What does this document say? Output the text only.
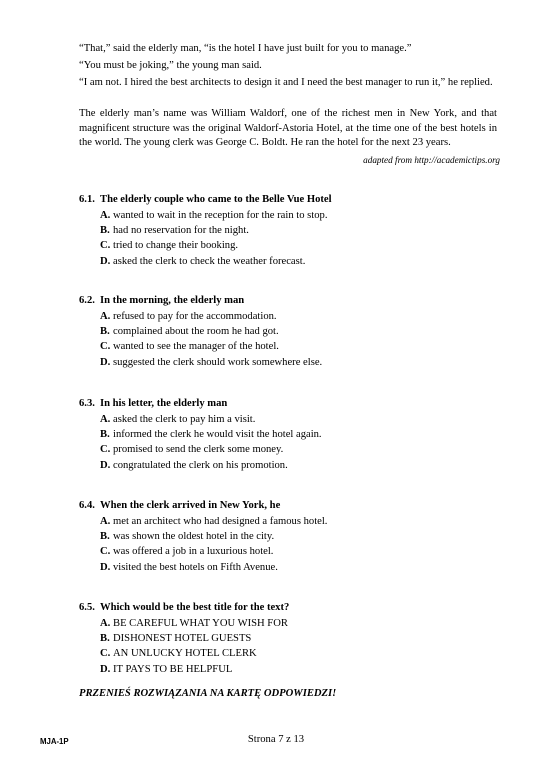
“That,” said the elderly man, “is the hotel I have just built for you to manage.”

“You must be joking,” the young man said.

“I am not. I hired the best architects to design it and I need the best manager to run it,” he replied.

The elderly man’s name was William Waldorf, one of the richest men in New York, and that magnificent structure was the original Waldorf-Astoria Hotel, at the time one of the best hotels in the world. The young clerk was George C. Boldt. He ran the hotel for the next 23 years.

adapted from http://academictips.org
6.1. The elderly couple who came to the Belle Vue Hotel
A. wanted to wait in the reception for the rain to stop.
B. had no reservation for the night.
C. tried to change their booking.
D. asked the clerk to check the weather forecast.
6.2. In the morning, the elderly man
A. refused to pay for the accommodation.
B. complained about the room he had got.
C. wanted to see the manager of the hotel.
D. suggested the clerk should work somewhere else.
6.3. In his letter, the elderly man
A. asked the clerk to pay him a visit.
B. informed the clerk he would visit the hotel again.
C. promised to send the clerk some money.
D. congratulated the clerk on his promotion.
6.4. When the clerk arrived in New York, he
A. met an architect who had designed a famous hotel.
B. was shown the oldest hotel in the city.
C. was offered a job in a luxurious hotel.
D. visited the best hotels on Fifth Avenue.
6.5. Which would be the best title for the text?
A. BE CAREFUL WHAT YOU WISH FOR
B. DISHONEST HOTEL GUESTS
C. AN UNLUCKY HOTEL CLERK
D. IT PAYS TO BE HELPFUL
PRZENIEŚ ROZWIĄZANIA NA KARTĘ ODPOWIEDZI!
MJA-1P	Strona 7 z 13
